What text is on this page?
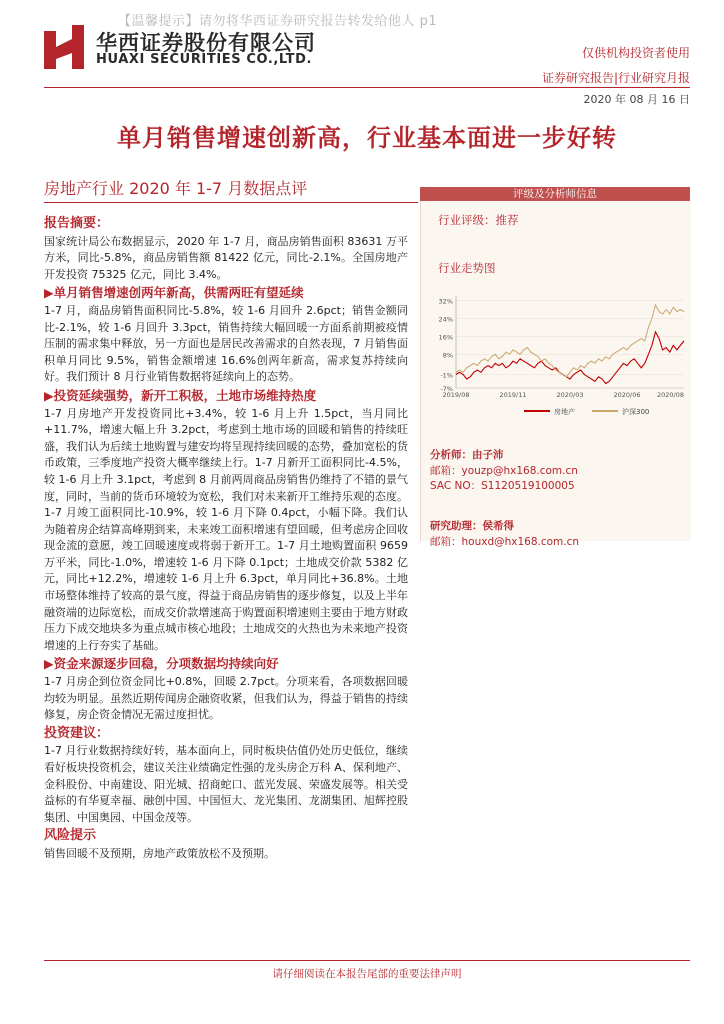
【温馨提示】请勿将华西证券研究报告转发给他人 p1
华西证券股份有限公司
HUAXI SECURITIES CO.,LTD.	仅供机构投资者使用
证券研究报告|行业研究月报
2020 年 08 月 16 日
单月销售增速创新高，行业基本面进一步好转
房地产行业 2020 年 1-7 月数据点评
报告摘要：

国家统计局公布数据显示，2020 年 1-7 月，商品房销售面积 83631 万平方米，同比-5.8%，商品房销售额 81422 亿元，同比-2.1%。全国房地产开发投资 75325 亿元，同比 3.4%。

▶单月销售增速创两年新高，供需两旺有望延续

1-7 月，商品房销售面积同比-5.8%，较 1-6 月回升 2.6pct；销售金额同比-2.1%，较 1-6 月回升 3.3pct，销售持续大幅回暖一方面系前期被疫情压制的需求集中释放，另一方面也是居民改善需求的自然表现，7 月销售面积单月同比 9.5%，销售金额增速 16.6%创两年新高，需求复苏持续向好。我们预计 8 月行业销售数据将延续向上的态势。

▶投资延续强势，新开工积极，土地市场维持热度

1-7 月房地产开发投资同比+3.4%，较 1-6 月上升 1.5pct，当月同比+11.7%，增速大幅上升 3.2pct，考虑到土地市场的回暖和销售的持续旺盛，我们认为后续土地购置与建安均将呈现持续回暖的态势，叠加宽松的货币政策，三季度地产投资大概率继续上行。1-7 月新开工面积同比-4.5%，较 1-6 月上升 3.1pct，考虑到 8 月前两周商品房销售仍维持了不错的景气度，同时，当前的货币环境较为宽松，我们对未来新开工维持乐观的态度。1-7 月竣工面积同比-10.9%，较 1-6 月下降 0.4pct，小幅下降。我们认为随着房企结算高峰期到来，未来竣工面积增速有望回暖，但考虑房企回收现金流的意愿，竣工回暖速度或将弱于新开工。1-7 月土地购置面积 9659 万平米，同比-1.0%，增速较 1-6 月下降 0.1pct；土地成交价款 5382 亿元，同比+12.2%，增速较 1-6 月上升 6.3pct，单月同比+36.8%。土地市场整体维持了较高的景气度，得益于商品房销售的逐步修复，以及上半年融资端的边际宽松，而成交价款增速高于购置面积增速则主要由于地方财政压力下成交地块多为重点城市核心地段；土地成交的火热也为未来地产投资增速的上行夯实了基础。

▶资金来源逐步回稳，分项数据均持续向好

1-7 月房企到位资金同比+0.8%，回暖 2.7pct。分项来看，各项数据回暖均较为明显。虽然近期传闻房企融资收紧，但我们认为，得益于销售的持续修复，房企资金情况无需过度担忧。

投资建议：

1-7 月行业数据持续好转，基本面向上，同时板块估值仍处历史低位，继续看好板块投资机会，建议关注业绩确定性强的龙头房企万科 A、保利地产、金科股份、中南建设、阳光城、招商蛇口、蓝光发展、荣盛发展等。相关受益标的有华夏幸福、融创中国、中国恒大、龙光集团、龙湖集团、旭辉控股集团、中国奥园、中国金茂等。

风险提示

销售回暖不及预期，房地产政策放松不及预期。

评级及分析师信息
行业评级：推荐
行业走势图
32%
24%
16%
8%
-1%
-7%
2019/08	2019/11	2020/03	2020/06	2020/08
房地产	沪深300
分析师：由子沛
邮箱：youzp@hx168.com.cn
SAC NO：S1120519100005
研究助理：侯希得
邮箱：houxd@hx168.com.cn
请仔细阅读在本报告尾部的重要法律声明
